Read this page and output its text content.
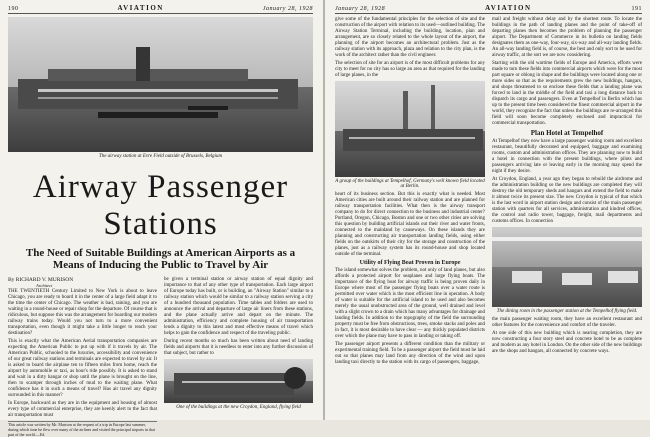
190	AVIATION	January 28, 1928
The airway station at Evre Field outside of Brussels, Belgium
Airway Passenger Stations
The Need of Suitable Buildings at American Airports as a Means of Inducing the Public to Travel by Air
By RICHARD V. MURISON
Architect

THE TWENTIETH Century Limited to New York is about to leave Chicago, you are ready to board it in the center of a large field adapt it to the time the center of Chicago. The weather is bad, raining, and you are waiting in a round-house or repair shop for the departure. Of course that is ridiculous, but suppose this was the arrangement for boarding our modern railway trains today. Would you not turn to a more convenient transportation, even though it might take a little longer to reach your destination?

This is exactly what the American Aerial transportation companies are expecting the American Public to put up with if it travels by air. The American Public, schooled to the luxuries, accessibility and convenience of our great railway stations and terminals are expected to travel by air. It is asked to board the airplane ten to fifteen miles from home, reach the airport by automobile or taxi, as hour's ride possibly. It is asked to stand and wait in a dirty hangar or shop until the plane is brought on the line, then to scamper through inches of mud to the waiting plane. What confidence has it in such a means of travel? Has air travel any dignity surrounded in this manner?

In Europe, backward as they are in the equipment and housing of almost every type of commercial enterprise, they are keenly alert to the fact that air transportation must

This article was written by Mr. Murison at the request of a trip in Europe last summer, during which time he flew over many of the airlines and visited the principal airports in that part of the world.—Ed.

be given a terminal station or airway station of equal dignity and importance to that of any other type of transportation. Each large airport of Europe today has built, or is building, an "Airway Station" similar to a railway station which would be similar to a railway station serving a city of a hundred thousand population. Time tables and folders are used to announce the arrival and departure of large air liners from these stations, and the plane actually arrive and depart on the minute. The administration, efficiency and complete housing of air transportation lends a dignity to this latest and most effective means of travel which helps to gain the confidence and respect of the traveling public.

During recent months so much has been written about need of landing fields and airports that it is needless to enter into any further discussion of that subject, but rather to

One of the buildings at the new Croydon, England, flying field
January 28, 1928	AVIATION	191

give some of the fundamental principles for the selection of site and the construction of the airport with relation to its used—outlined building. The Airway Station Terminal, including the building, location, plan and arrangement, are so closely related to the whole layout of the airport, the planning of the airport becomes an architectural problem. Just as the railway station with its approach, plaza and relation to the city plan, is the work of the architect rather than the civil engineer.

The selection of site for an airport is of the most difficult problems for any city to meet for no city has so large an area as that required for the landing of large planes, in the

A group of the buildings at Tempelhof, Germany's well known field located at Berlin.

heart of its business section. But this is exactly what is needed. Most American cities are built around their railway station and are planned for railway transportation facilities. What then is the airway transport company to do for direct connection to the business and industrial center? Portland, Oregon, Chicago, Boston and one or two other cities are solving this question by building artificial islands out their river and water fronts, connected to the mainland by causeways. On these islands they are planning and constructing air transportation landing fields, using either fields on the outskirts of their city for the storage and construction of the planes, just as a railway system has its round-house and shop located outside of the terminal.

Utility of Flying Boat Proven in Europe

The island somewhat solves the problem, not only of land planes, but also affords a protected airport for seaplanes and large flying boats. The importance of the flying boat for airway traffic is being proven daily in Europe where most of the passenger flying boats over a water route is permitted over water which is the most efficient line in operation. A body of water is suitable for the artificial island to be used and also becomes merely the usual unobstructed area of the ground, well drained and level with a slight crown to a drain which has many advantages for drainage and landing fields. In addition to the topography of the field the surrounding property must be free from obstructions, trees, smoke stacks and poles and in fact, it is most desirable to have clear — any thickly populated districts over which the plane may have to pass in landing or taking off.

The passenger airport presents a different condition than the military or experimental training field. To be a passenger airport the field must be laid out so that planes may land from any direction of the wind and upon landing taxi directly to the station with its cargo of passengers, baggage,

mail and freight without delay and by the shortest route. To locate the buildings in the path of landing planes and the point of take-off of departing planes then becomes the problem of planning the passenger airport. The Department of Commerce in its bulletin on landing fields designates them as one-way, four-way, six-way and all-way landing fields. An all-way landing field is, of course, the best and only sort to be used for airway traffic, at the sort we are now considering.

Starting with the old wartime fields of Europe and America, efforts were made to turn these fields into commercial airports which were for the most part square or oblong in shape and the buildings were located along one or more sides so that as the requirements grew the new buildings, hangars, and shops threatened to so enclose these fields that a landing plane was forced to land in the middle of the field and taxi a long distance back to dispatch its cargo and passengers. Even at Tempelhof in Berlin which has up to the present time been considered the finest commercial airport in the world, they recognize the fact that unless the buildings are re-arranged this field will soon become completely enclosed and impractical for commercial transportation.

Plan Hotel at Tempelhof

At Tempelhof they now have a large passenger waiting room and excellent restaurant, beautifully decorated and equipped, baggage and examining rooms, custom and administration offices. They are planning now to build a hotel in connection with the present buildings, where pilots and passengers arriving late or leaving early in the morning may spend the night if they desire.

At Croydon, England, a year ago they began to rebuild the airdrome and the administration building so the new buildings are completed they will destroy the old temporary sheds and hangars and extend the field to make it almost twice its present size. The new Croydon is typical of that which is the last word in airport station design and consist of the main passenger station with quarters for all services, administration and kindred offices, the control and radio tower, baggage, freight, mail departments and customs offices. In connection

The dining room in the passenger station at the Tempelhof flying field.

the main passenger waiting room, they have an excellent restaurant and other features for the convenience and comfort of the traveler.

At one side of this new building which is nearing completion, they are now constructing a four story steel and concrete hotel to be as complete and modern as any hotel in London. On the other side of the new buildings are the shops and hangars, all connected by concrete ways.
